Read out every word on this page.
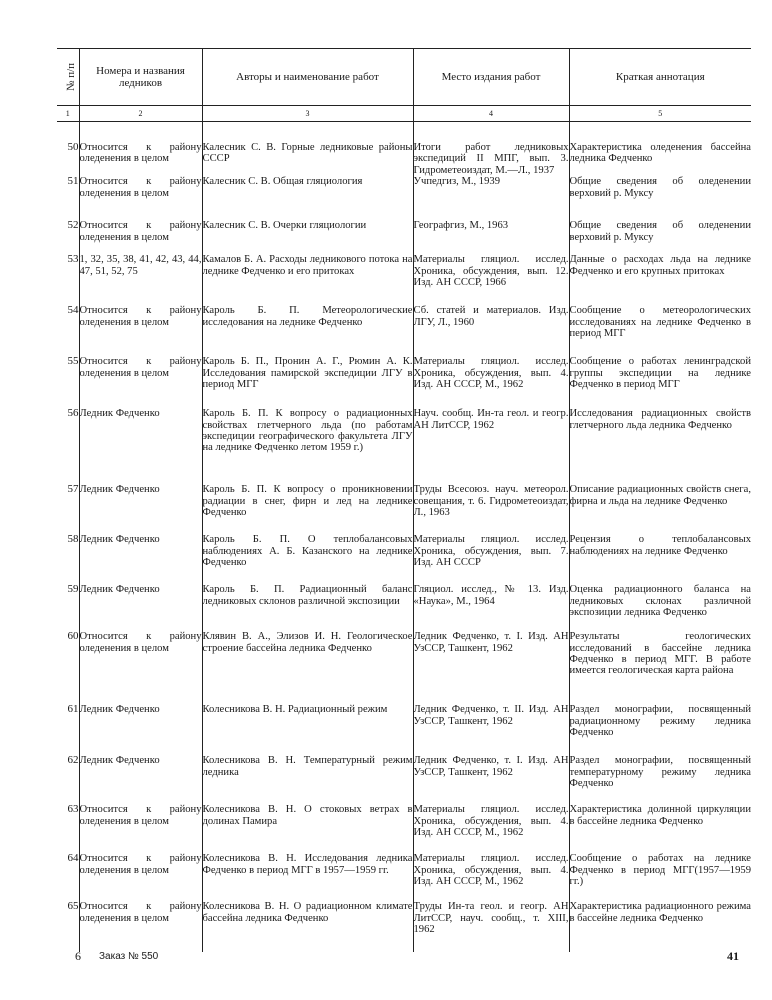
№ п/п	Номера и названия ледников	Авторы и наименование работ	Место издания работ	Краткая аннотация
1	2	3	4	5
50	Относится к району оледенения в целом	Калесник С. В. Горные ледниковые районы СССР	Итоги работ ледниковых экспедиций II МПГ, вып. 3. Гидрометеоиздат, М.—Л., 1937	Характеристика оледенения бассейна ледника Федченко
51	Относится к району оледенения в целом	Калесник С. В. Общая гляциология	Учпедгиз, М., 1939	Общие сведения об оледенении верховий р. Муксу
52	Относится к району оледенения в целом	Калесник С. В. Очерки гляциологии	Географгиз, М., 1963	Общие сведения об оледенении верховий р. Муксу
53	1, 32, 35, 38, 41, 42, 43, 44, 47, 51, 52, 75	Камалов Б. А. Расходы ледникового потока на леднике Федченко и его притоках	Материалы гляциол. исслед. Хроника, обсуждения, вып. 12. Изд. АН СССР, 1966	Данные о расходах льда на леднике Федченко и его крупных притоках
54	Относится к району оледенения в целом	Кароль Б. П. Метеорологические исследования на леднике Федченко	Сб. статей и материалов. Изд. ЛГУ, Л., 1960	Сообщение о метеорологических исследованиях на леднике Федченко в период МГГ
55	Относится к району оледенения в целом	Кароль Б. П., Пронин А. Г., Рюмин А. К. Исследования памирской экспедиции ЛГУ в период МГГ	Материалы гляциол. исслед. Хроника, обсуждения, вып. 4. Изд. АН СССР, М., 1962	Сообщение о работах ленинградской группы экспедиции на леднике Федченко в период МГГ
56	Ледник Федченко	Кароль Б. П. К вопросу о радиационных свойствах глетчерного льда (по работам экспедиции географического факультета ЛГУ на леднике Федченко летом 1959 г.)	Науч. сообщ. Ин-та геол. и геогр. АН ЛитССР, 1962	Исследования радиационных свойств глетчерного льда ледника Федченко
57	Ледник Федченко	Кароль Б. П. К вопросу о проникновении радиации в снег, фирн и лед на леднике Федченко	Труды Всесоюз. науч. метеорол. совещания, т. 6. Гидрометеоиздат, Л., 1963	Описание радиационных свойств снега, фирна и льда на леднике Федченко
58	Ледник Федченко	Кароль Б. П. О теплобалансовых наблюдениях А. Б. Казанского на леднике Федченко	Материалы гляциол. исслед. Хроника, обсуждения, вып. 7. Изд. АН СССР	Рецензия о теплобалансовых наблюдениях на леднике Федченко
59	Ледник Федченко	Кароль Б. П. Радиационный баланс ледниковых склонов различной экспозиции	Гляциол. исслед., № 13. Изд. «Наука», М., 1964	Оценка радиационного баланса на ледниковых склонах различной экспозиции ледника Федченко
60	Относится к району оледенения в целом	Клявин В. А., Элизов И. Н. Геологическое строение бассейна ледника Федченко	Ледник Федченко, т. I. Изд. АН УзССР, Ташкент, 1962	Результаты геологических исследований в бассейне ледника Федченко в период МГГ. В работе имеется геологическая карта района
61	Ледник Федченко	Колесникова В. Н. Радиационный режим	Ледник Федченко, т. II. Изд. АН УзССР, Ташкент, 1962	Раздел монографии, посвященный радиационному режиму ледника Федченко
62	Ледник Федченко	Колесникова В. Н. Температурный режим ледника	Ледник Федченко, т. I. Изд. АН УзССР, Ташкент, 1962	Раздел монографии, посвященный температурному режиму ледника Федченко
63	Относится к району оледенения в целом	Колесникова В. Н. О стоковых ветрах в долинах Памира	Материалы гляциол. исслед. Хроника, обсуждения, вып. 4. Изд. АН СССР, М., 1962	Характеристика долинной циркуляции в бассейне ледника Федченко
64	Относится к району оледенения в целом	Колесникова В. Н. Исследования ледника Федченко в период МГГ в 1957—1959 гг.	Материалы гляциол. исслед. Хроника, обсуждения, вып. 4. Изд. АН СССР, М., 1962	Сообщение о работах на леднике Федченко в период МГГ(1957—1959 гг.)
65	Относится к району оледенения в целом	Колесникова В. Н. О радиационном климате бассейна ледника Федченко	Труды Ин-та геол. и геогр. АН ЛитССР, науч. сообщ., т. XIII, 1962	Характеристика радиационного режима в бассейне ледника Федченко
6 Заказ № 550	41
